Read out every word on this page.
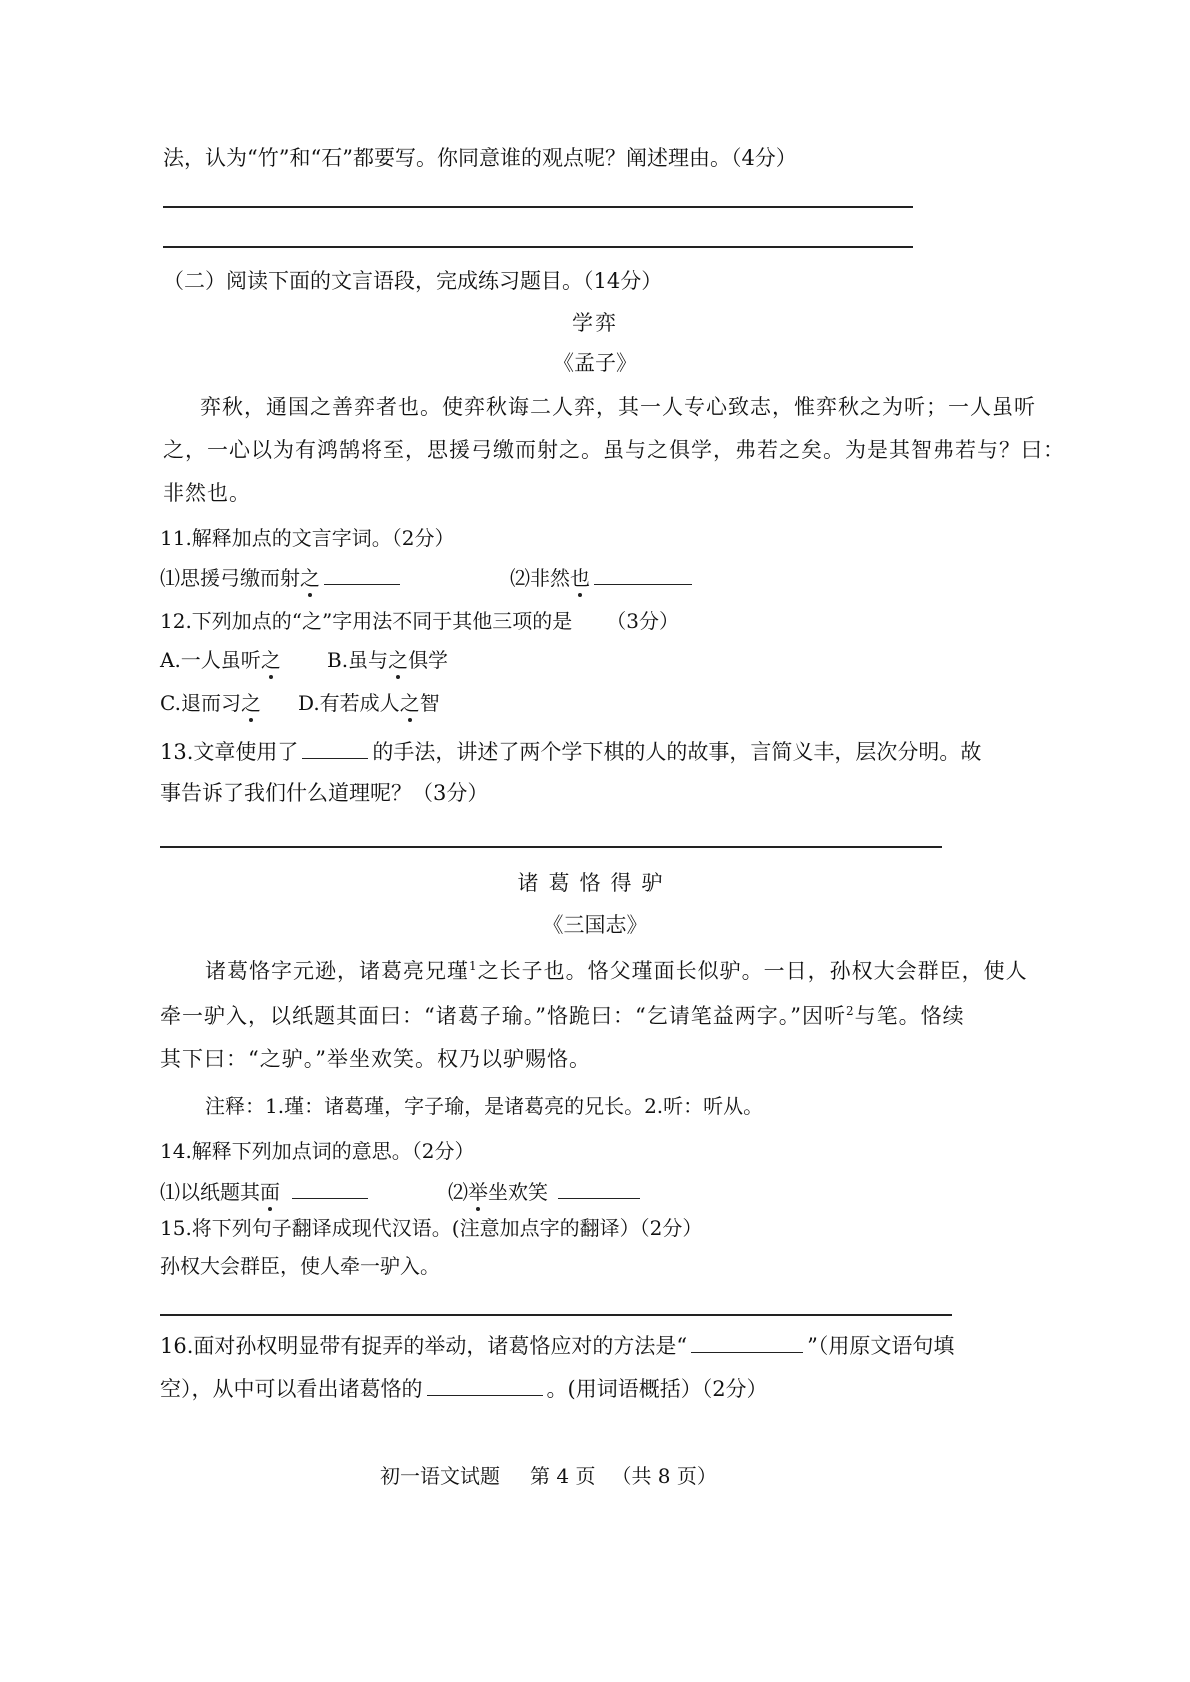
法，认为“竹”和“石”都要写。你同意谁的观点呢？阐述理由。（4分）
（二）阅读下面的文言语段，完成练习题目。（14分）
学弈
《孟子》
弈秋，通国之善弈者也。使弈秋诲二人弈，其一人专心致志，惟弈秋之为听；一人虽听
之，一心以为有鸿鹄将至，思援弓缴而射之。虽与之俱学，弗若之矣。为是其智弗若与？曰：
非然也。
11.解释加点的文言字词。（2分）
⑴思援弓缴而射之	⑵非然也
12.下列加点的“之”字用法不同于其他三项的是 （3分）
A.一人虽听之 B.虽与之俱学
C.退而习之 D.有若成人之智
13.文章使用了	的手法，讲述了两个学下棋的人的故事，言简义丰，层次分明。故
事告诉了我们什么道理呢？（3分）
诸葛恪得驴
《三国志》
诸葛恪字元逊，诸葛亮兄瑾$^1$之长子也。恪父瑾面长似驴。一日，孙权大会群臣，使人
牵一驴入，以纸题其面曰：“诸葛子瑜。”恪跪曰：“乞请笔益两字。”因听$^2$与笔。恪续
其下曰：“之驴。”举坐欢笑。权乃以驴赐恪。
注释：1.瑾：诸葛瑾，字子瑜，是诸葛亮的兄长。2.听：听从。
14.解释下列加点词的意思。（2分）
⑴以纸题其面	⑵举坐欢笑
15.将下列句子翻译成现代汉语。(注意加点字的翻译）（2分）
孙权大会群臣，使人牵一驴入。
16.面对孙权明显带有捉弄的举动，诸葛恪应对的方法是“	”（用原文语句填
空），从中可以看出诸葛恪的	。(用词语概括）（2分）
初一语文试题 第 4 页 （共 8 页）
